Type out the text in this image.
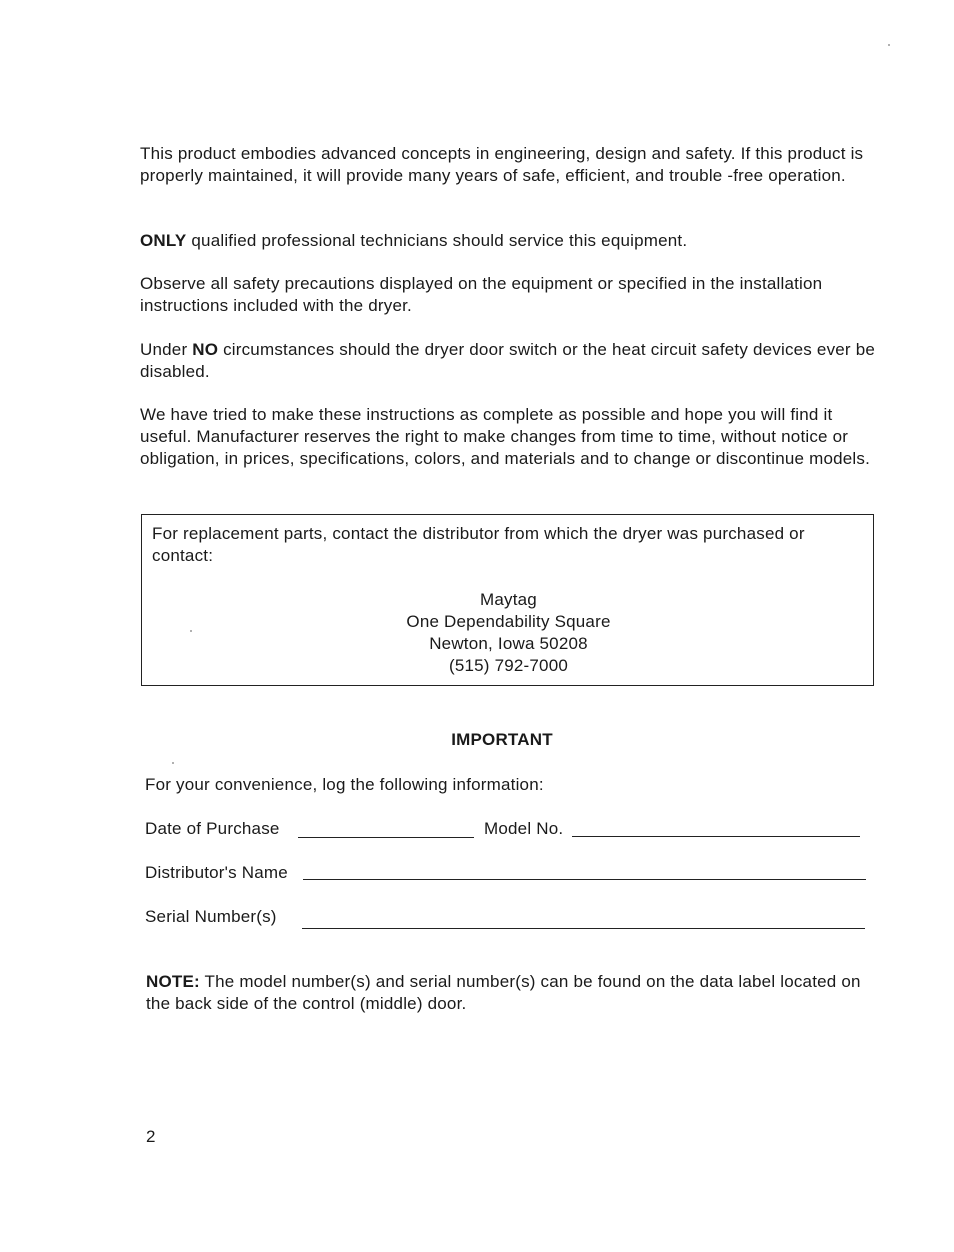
This product embodies advanced concepts in engineering, design and safety. If this product is properly maintained, it will provide many years of safe, efficient, and trouble -free operation.

ONLY qualified professional technicians should service this equipment.

Observe all safety precautions displayed on the equipment or specified in the installation instructions included with the dryer.

Under NO circumstances should the dryer door switch or the heat circuit safety devices ever be disabled.

We have tried to make these instructions as complete as possible and hope you will find it useful. Manufacturer reserves the right to make changes from time to time, without notice or obligation, in prices, specifications, colors, and materials and to change or discontinue models.

For replacement parts, contact the distributor from which the dryer was purchased or contact:

Maytag
One Dependability Square
Newton, Iowa 50208
(515) 792-7000
IMPORTANT
For your convenience, log the following information:
Date of Purchase	Model No.
Distributor's Name
Serial Number(s)

NOTE: The model number(s) and serial number(s) can be found on the data label located on the back side of the control (middle) door.

2
